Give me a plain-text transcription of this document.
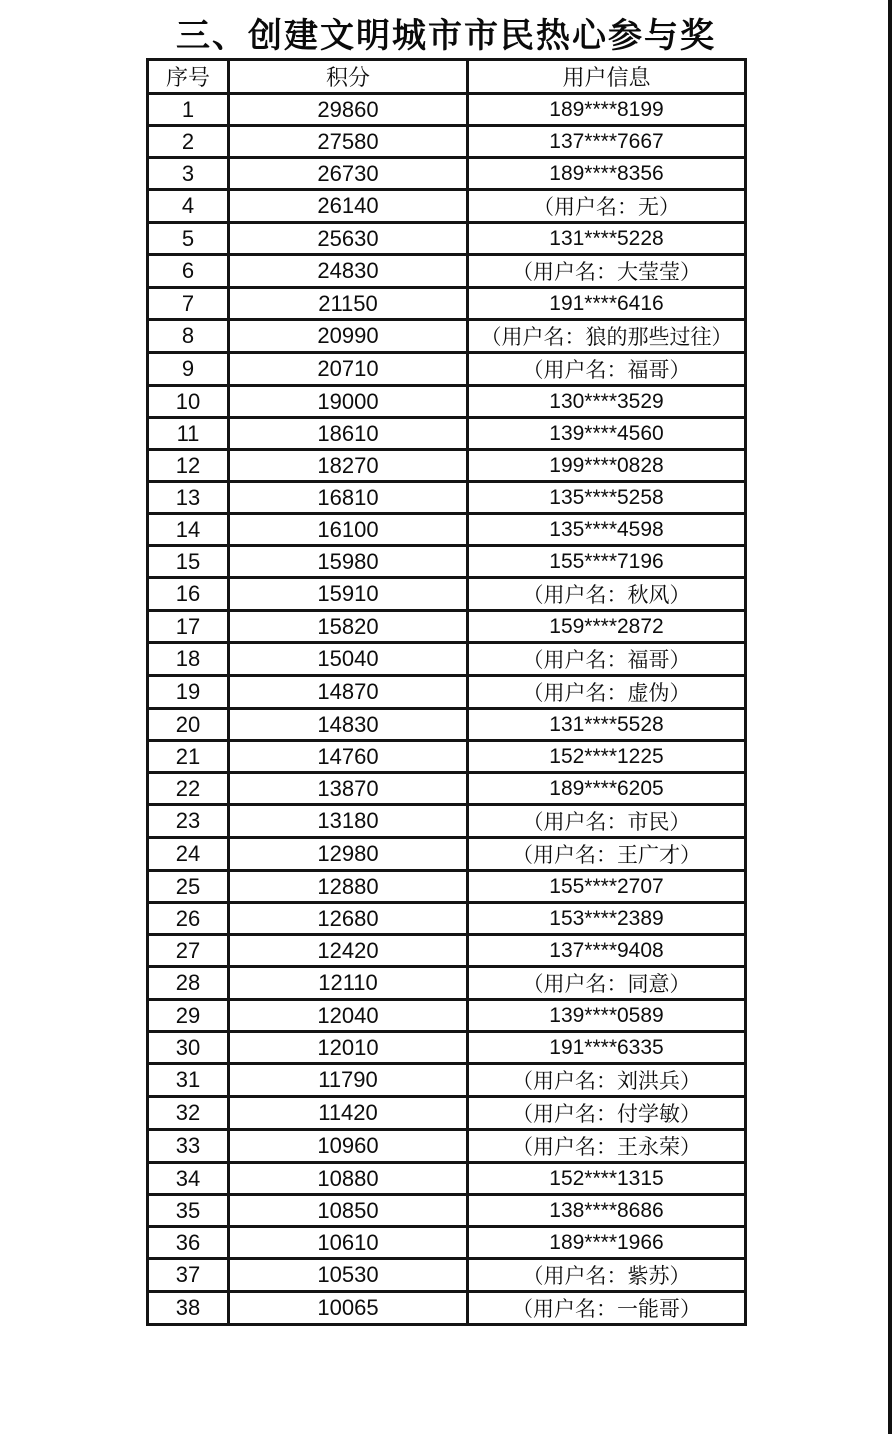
三、创建文明城市市民热心参与奖
序号	积分	用户信息
1	29860	189****8199
2	27580	137****7667
3	26730	189****8356
4	26140	（用户名：无）
5	25630	131****5228
6	24830	（用户名：大莹莹）
7	21150	191****6416
8	20990	（用户名：狼的那些过往）
9	20710	（用户名：福哥）
10	19000	130****3529
11	18610	139****4560
12	18270	199****0828
13	16810	135****5258
14	16100	135****4598
15	15980	155****7196
16	15910	（用户名：秋风）
17	15820	159****2872
18	15040	（用户名：福哥）
19	14870	（用户名：虚伪）
20	14830	131****5528
21	14760	152****1225
22	13870	189****6205
23	13180	（用户名：市民）
24	12980	（用户名：王广才）
25	12880	155****2707
26	12680	153****2389
27	12420	137****9408
28	12110	（用户名：同意）
29	12040	139****0589
30	12010	191****6335
31	11790	（用户名：刘洪兵）
32	11420	（用户名：付学敏）
33	10960	（用户名：王永荣）
34	10880	152****1315
35	10850	138****8686
36	10610	189****1966
37	10530	（用户名：紫苏）
38	10065	（用户名：一能哥）
